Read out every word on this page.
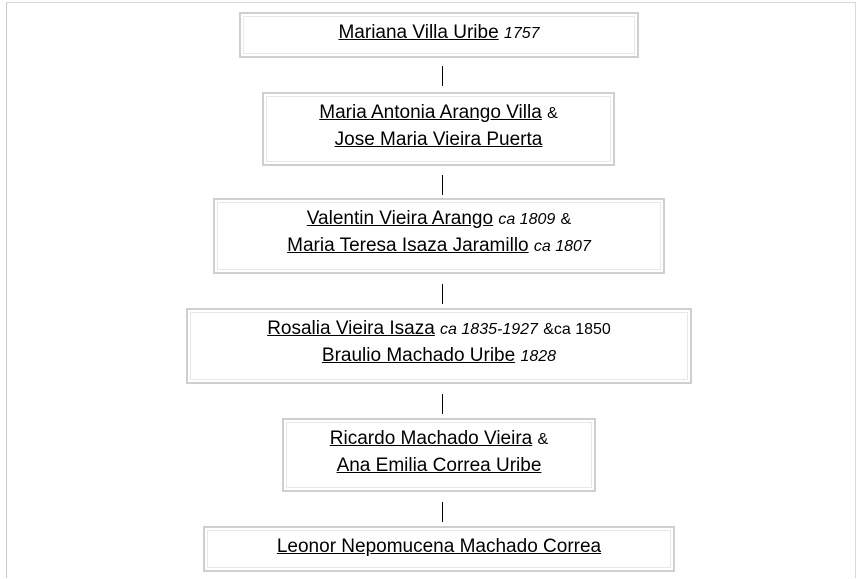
Mariana Villa Uribe 1757
Maria Antonia Arango Villa &
Jose Maria Vieira Puerta
Valentin Vieira Arango ca 1809 &
Maria Teresa Isaza Jaramillo ca 1807
Rosalia Vieira Isaza ca 1835-1927 &ca 1850
Braulio Machado Uribe 1828
Ricardo Machado Vieira &
Ana Emilia Correa Uribe
Leonor Nepomucena Machado Correa
